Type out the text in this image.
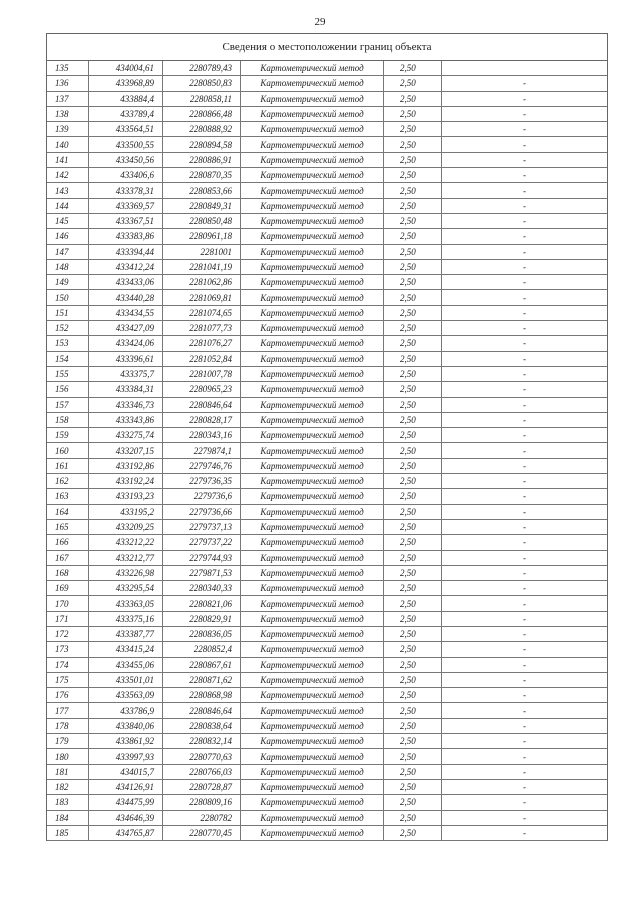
29
Сведения о местоположении границ объекта
135	434004,61	2280789,43	Картометрический метод	2,50	
136	433968,89	2280850,83	Картометрический метод	2,50	-
137	433884,4	2280858,11	Картометрический метод	2,50	-
138	433789,4	2280866,48	Картометрический метод	2,50	-
139	433564,51	2280888,92	Картометрический метод	2,50	-
140	433500,55	2280894,58	Картометрический метод	2,50	-
141	433450,56	2280886,91	Картометрический метод	2,50	-
142	433406,6	2280870,35	Картометрический метод	2,50	-
143	433378,31	2280853,66	Картометрический метод	2,50	-
144	433369,57	2280849,31	Картометрический метод	2,50	-
145	433367,51	2280850,48	Картометрический метод	2,50	-
146	433383,86	2280961,18	Картометрический метод	2,50	-
147	433394,44	2281001	Картометрический метод	2,50	-
148	433412,24	2281041,19	Картометрический метод	2,50	-
149	433433,06	2281062,86	Картометрический метод	2,50	-
150	433440,28	2281069,81	Картометрический метод	2,50	-
151	433434,55	2281074,65	Картометрический метод	2,50	-
152	433427,09	2281077,73	Картометрический метод	2,50	-
153	433424,06	2281076,27	Картометрический метод	2,50	-
154	433396,61	2281052,84	Картометрический метод	2,50	-
155	433375,7	2281007,78	Картометрический метод	2,50	-
156	433384,31	2280965,23	Картометрический метод	2,50	-
157	433346,73	2280846,64	Картометрический метод	2,50	-
158	433343,86	2280828,17	Картометрический метод	2,50	-
159	433275,74	2280343,16	Картометрический метод	2,50	-
160	433207,15	2279874,1	Картометрический метод	2,50	-
161	433192,86	2279746,76	Картометрический метод	2,50	-
162	433192,24	2279736,35	Картометрический метод	2,50	-
163	433193,23	2279736,6	Картометрический метод	2,50	-
164	433195,2	2279736,66	Картометрический метод	2,50	-
165	433209,25	2279737,13	Картометрический метод	2,50	-
166	433212,22	2279737,22	Картометрический метод	2,50	-
167	433212,77	2279744,93	Картометрический метод	2,50	-
168	433226,98	2279871,53	Картометрический метод	2,50	-
169	433295,54	2280340,33	Картометрический метод	2,50	-
170	433363,05	2280821,06	Картометрический метод	2,50	-
171	433375,16	2280829,91	Картометрический метод	2,50	-
172	433387,77	2280836,05	Картометрический метод	2,50	-
173	433415,24	2280852,4	Картометрический метод	2,50	-
174	433455,06	2280867,61	Картометрический метод	2,50	-
175	433501,01	2280871,62	Картометрический метод	2,50	-
176	433563,09	2280868,98	Картометрический метод	2,50	-
177	433786,9	2280846,64	Картометрический метод	2,50	-
178	433840,06	2280838,64	Картометрический метод	2,50	-
179	433861,92	2280832,14	Картометрический метод	2,50	-
180	433997,93	2280770,63	Картометрический метод	2,50	-
181	434015,7	2280766,03	Картометрический метод	2,50	-
182	434126,91	2280728,87	Картометрический метод	2,50	-
183	434475,99	2280809,16	Картометрический метод	2,50	-
184	434646,39	2280782	Картометрический метод	2,50	-
185	434765,87	2280770,45	Картометрический метод	2,50	-
